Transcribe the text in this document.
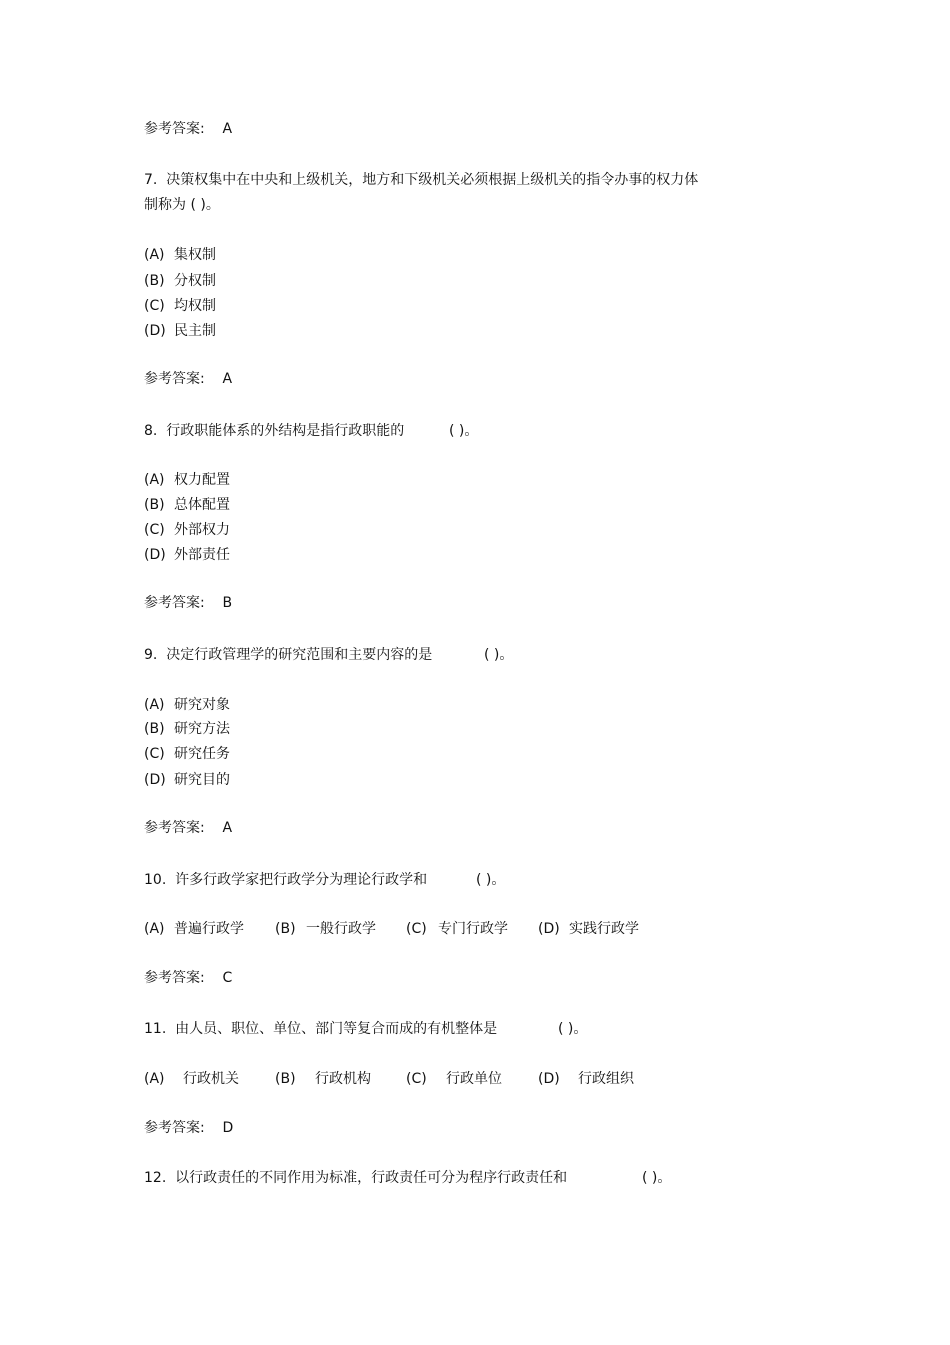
参考答案: A
7.  决策权集中在中央和上级机关，地方和下级机关必须根据上级机关的指令办事的权力体
制称为 ( )。
(A) 集权制
(B) 分权制
(C) 均权制
(D) 民主制
参考答案: A
8.  行政职能体系的外结构是指行政职能的	( )。
(A) 权力配置
(B) 总体配置
(C) 外部权力
(D) 外部责任
参考答案: B
9.  决定行政管理学的研究范围和主要内容的是	( )。
(A) 研究对象
(B) 研究方法
(C) 研究任务
(D) 研究目的
参考答案: A
10.  许多行政学家把行政学分为理论行政学和	( )。
(A) 普遍行政学 (B) 一般行政学 (C) 专门行政学 (D) 实践行政学
参考答案: C
11.  由人员、职位、单位、部门等复合而成的有机整体是	( )。
(A) 行政机关	(B) 行政机构	(C) 行政单位	(D) 行政组织
参考答案: D
12.  以行政责任的不同作用为标准，行政责任可分为程序行政责任和	( )。
